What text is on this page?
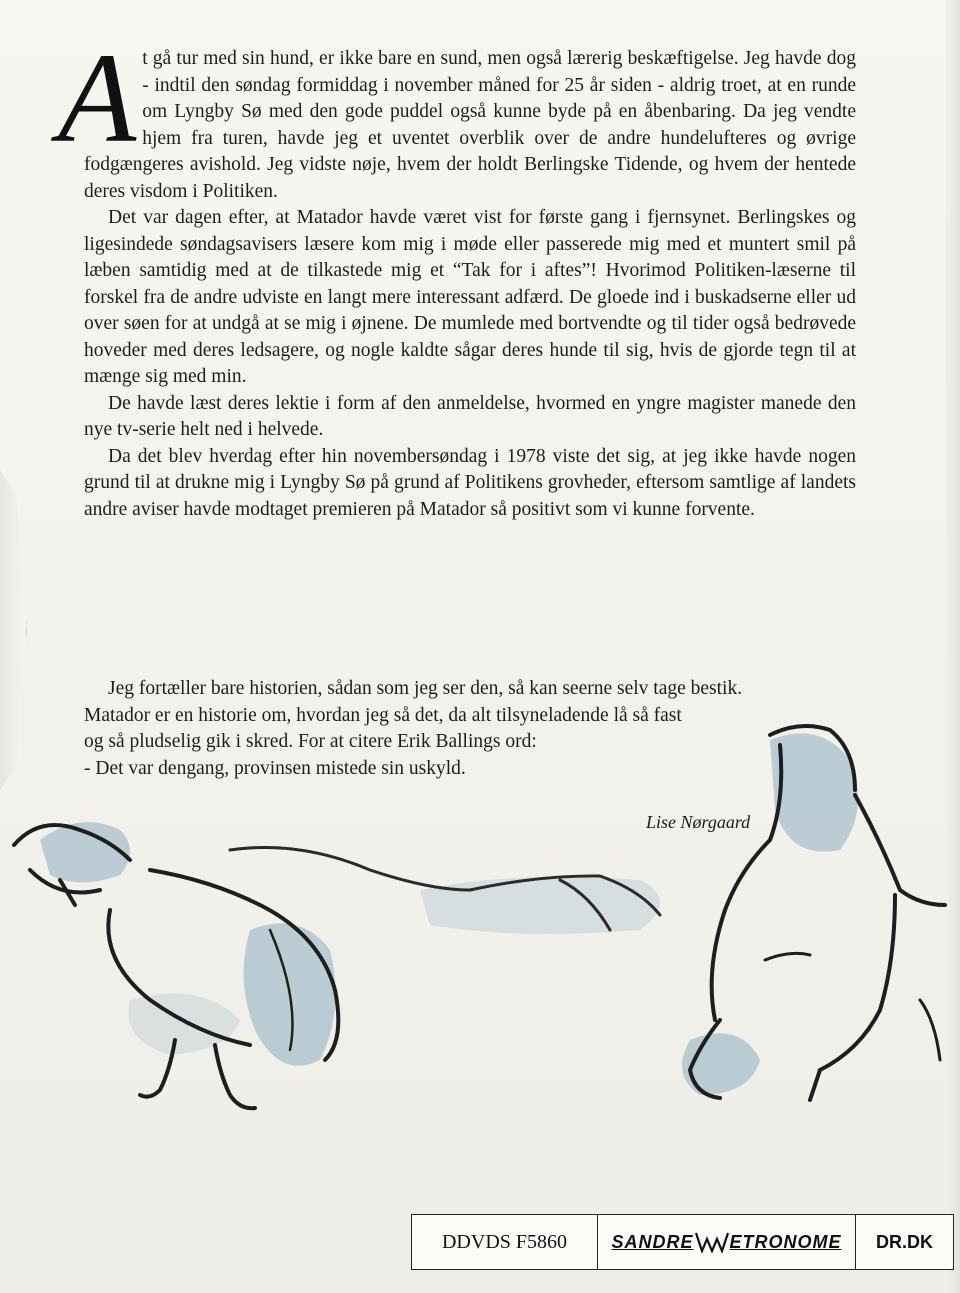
At gå tur med sin hund, er ikke bare en sund, men også lærerig beskæftigelse. Jeg havde dog - indtil den søndag formiddag i november måned for 25 år siden - aldrig troet, at en runde om Lyngby Sø med den gode puddel også kunne byde på en åbenbaring. Da jeg vendte hjem fra turen, havde jeg et uventet overblik over de andre hundelufteres og øvrige fodgængeres avishold. Jeg vidste nøje, hvem der holdt Berlingske Tidende, og hvem der hentede deres visdom i Politiken.

Det var dagen efter, at Matador havde været vist for første gang i fjernsynet. Berlingskes og ligesindede søndagsavisers læsere kom mig i møde eller passerede mig med et muntert smil på læben samtidig med at de tilkastede mig et “Tak for i aftes”! Hvorimod Politiken-læserne til forskel fra de andre udviste en langt mere interessant adfærd. De gloede ind i buskadserne eller ud over søen for at undgå at se mig i øjnene. De mumlede med bortvendte og til tider også bedrøvede hoveder med deres ledsagere, og nogle kaldte sågar deres hunde til sig, hvis de gjorde tegn til at mænge sig med min.

De havde læst deres lektie i form af den anmeldelse, hvormed en yngre magister manede den nye tv-serie helt ned i helvede.

Da det blev hverdag efter hin novembersøndag i 1978 viste det sig, at jeg ikke havde nogen grund til at drukne mig i Lyngby Sø på grund af Politikens grovheder, eftersom samtlige af landets andre aviser havde modtaget premieren på Matador så positivt som vi kunne forvente.

Jeg fortæller bare historien, sådan som jeg ser den, så kan seerne selv tage bestik.

Matador er en historie om, hvordan jeg så det, da alt tilsyneladende lå så fast

og så pludselig gik i skred. For at citere Erik Ballings ord:

- Det var dengang, provinsen mistede sin uskyld.

Lise Nørgaard
DDVDS F5860	SANDRE ETRONOME	DR.DK
